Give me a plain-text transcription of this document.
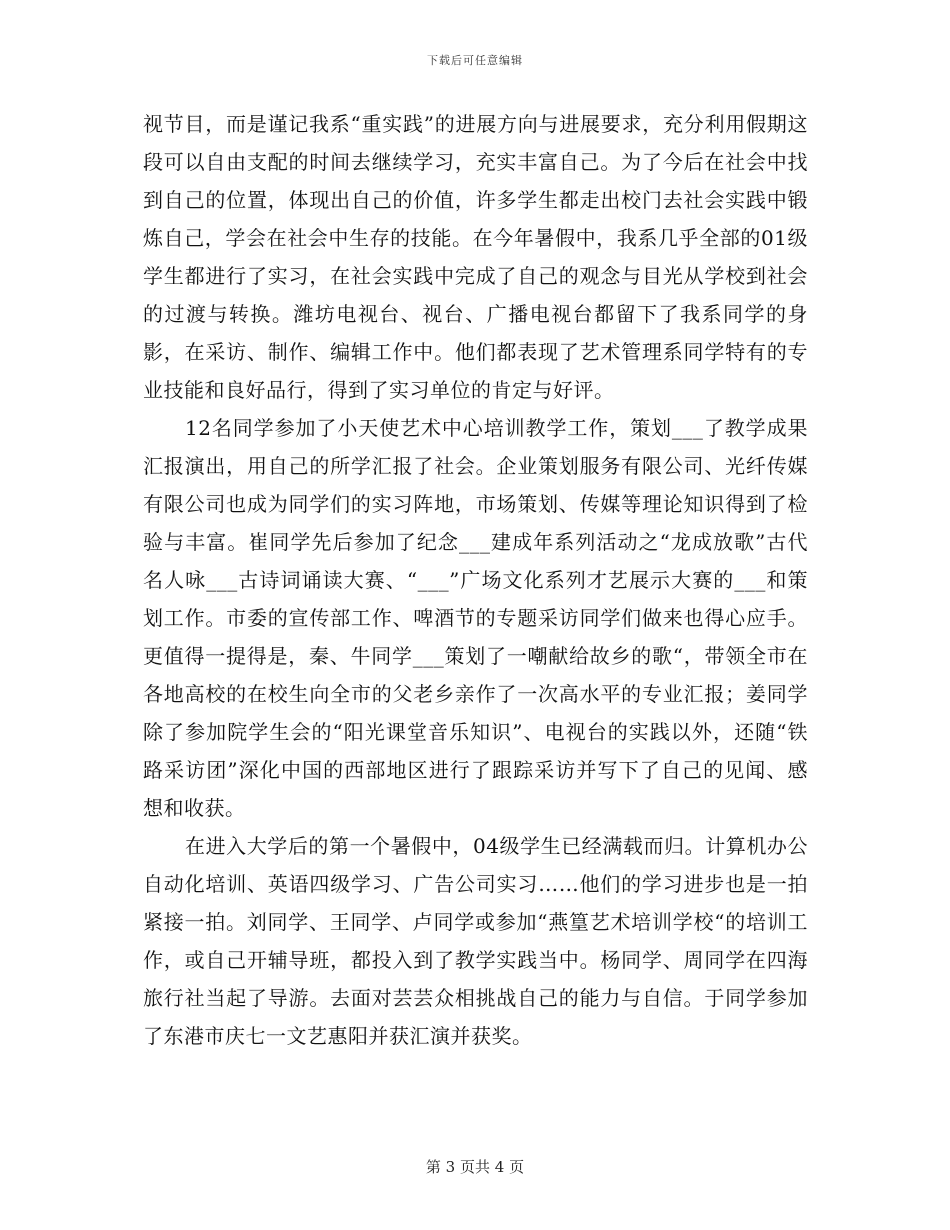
下载后可任意编辑

视节目，而是谨记我系“重实践”的进展方向与进展要求，充分利用假期这段可以自由支配的时间去继续学习，充实丰富自己。为了今后在社会中找到自己的位置，体现出自己的价值，许多学生都走出校门去社会实践中锻炼自己，学会在社会中生存的技能。在今年暑假中，我系几乎全部的01级学生都进行了实习，在社会实践中完成了自己的观念与目光从学校到社会的过渡与转换。潍坊电视台、视台、广播电视台都留下了我系同学的身影，在采访、制作、编辑工作中。他们都表现了艺术管理系同学特有的专业技能和良好品行，得到了实习单位的肯定与好评。

12名同学参加了小天使艺术中心培训教学工作，策划___了教学成果汇报演出，用自己的所学汇报了社会。企业策划服务有限公司、光纤传媒有限公司也成为同学们的实习阵地，市场策划、传媒等理论知识得到了检验与丰富。崔同学先后参加了纪念___建成年系列活动之“龙成放歌”古代名人咏___古诗词诵读大赛、“___”广场文化系列才艺展示大赛的___和策划工作。市委的宣传部工作、啤酒节的专题采访同学们做来也得心应手。更值得一提得是，秦、牛同学___策划了一嘲献给故乡的歌“，带领全市在各地高校的在校生向全市的父老乡亲作了一次高水平的专业汇报；姜同学除了参加院学生会的“阳光课堂音乐知识”、电视台的实践以外，还随“铁路采访团”深化中国的西部地区进行了跟踪采访并写下了自己的见闻、感想和收获。

在进入大学后的第一个暑假中，04级学生已经满载而归。计算机办公自动化培训、英语四级学习、广告公司实习……他们的学习进步也是一拍紧接一拍。刘同学、王同学、卢同学或参加“燕篁艺术培训学校“的培训工作，或自己开辅导班，都投入到了教学实践当中。杨同学、周同学在四海旅行社当起了导游。去面对芸芸众相挑战自己的能力与自信。于同学参加了东港市庆七一文艺惠阳并获汇演并获奖。

第 3 页共 4 页
